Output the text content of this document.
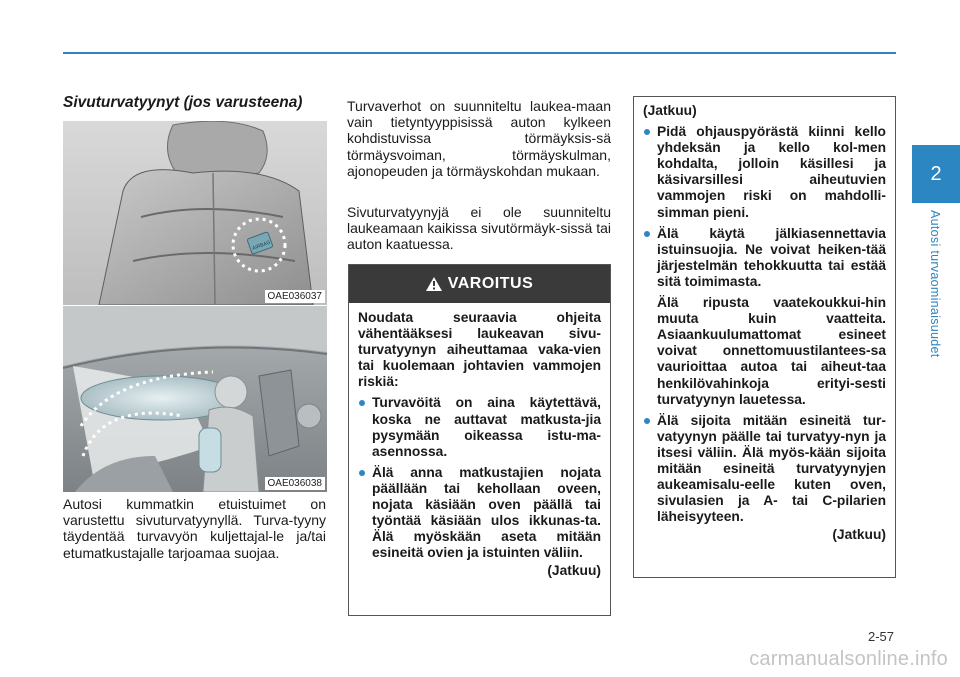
2
Autosi turvaominaisuudet
2-57
Sivuturvatyynyt (jos varusteena)
AIRBAG
OAE036037
OAE036038

Autosi kummatkin etuistuimet on varustettu sivuturvatyynyllä. Turva-tyyny täydentää turvavyön kuljettajal-le ja/tai etumatkustajalle tarjoamaa suojaa.

Turvaverhot on suunniteltu laukea-maan vain tietyntyyppisissä auton kylkeen kohdistuvissa törmäyksis-sä törmäysvoiman, törmäyskulman, ajonopeuden ja törmäyskohdan mukaan.

Sivuturvatyynyjä ei ole suunniteltu laukeamaan kaikissa sivutörmäyk-sissä tai auton kaatuessa.

VAROITUS

Noudata seuraavia ohjeita vähentääksesi laukeavan sivu-turvatyynyn aiheuttamaa vaka-vien tai kuolemaan johtavien vammojen riskiä:

Turvavöitä on aina käytettävä, koska ne auttavat matkusta-jia pysymään oikeassa istu-ma-asennossa.
Älä anna matkustajien nojata päällään tai kehollaan oveen, nojata käsiään oven päällä tai työntää käsiään ulos ikkunas-ta. Älä myöskään aseta mitään esineitä ovien ja istuinten väliin.
(Jatkuu)

(Jatkuu)

Pidä ohjauspyörästä kiinni kello yhdeksän ja kello kol-men kohdalta, jolloin käsillesi ja käsivarsillesi aiheutuvien vammojen riski on mahdolli-simman pieni.
Älä käytä jälkiasennettavia istuinsuojia. Ne voivat heiken-tää järjestelmän tehokkuutta tai estää sitä toimimasta.
Älä ripusta vaatekoukkui-hin muuta kuin vaatteita. Asiaankuulumattomat esineet voivat onnettomuustilantees-sa vaurioittaa autoa tai aiheut-taa henkilövahinkoja erityi-sesti turvatyynyn lauetessa.
Älä sijoita mitään esineitä tur-vatyynyn päälle tai turvatyy-nyn ja itsesi väliin. Älä myös-kään sijoita mitään esineitä turvatyynyjen aukeamisalu-eelle kuten oven, sivulasien ja A- tai C-pilarien läheisyyteen.
(Jatkuu)
carmanualsonline.info
